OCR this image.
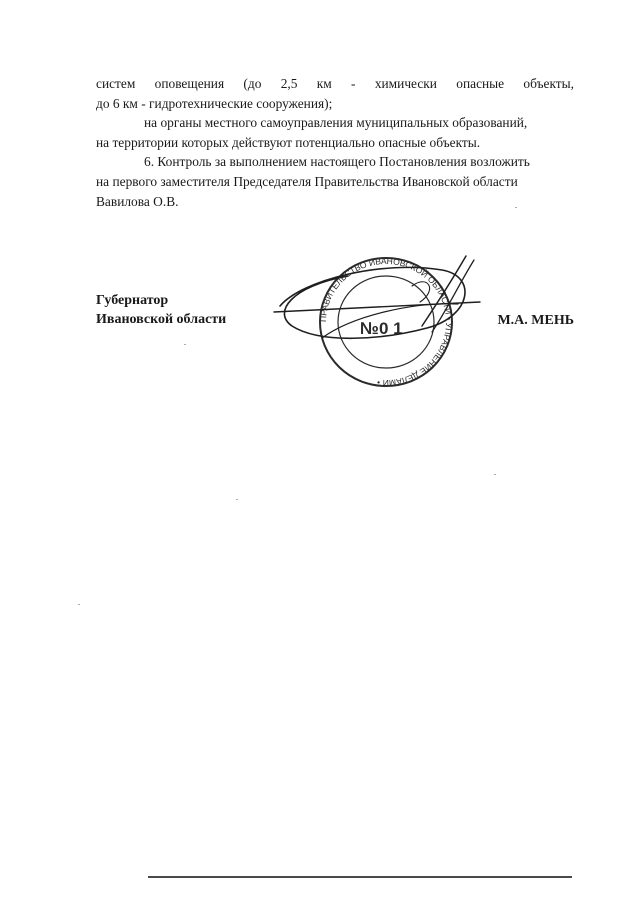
систем оповещения (до 2,5 км - химически опасные объекты,

до 6 км - гидротехнические сооружения);

на органы местного самоуправления муниципальных образований,

на территории которых действуют потенциально опасные объекты.

6. Контроль за выполнением настоящего Постановления возложить

на первого заместителя Председателя Правительства Ивановской области

Вавилова О.В.

ПРАВИТЕЛЬСТВО ИВАНОВСКОЙ ОБЛАСТИ • УПРАВЛЕНИЕ ДЕЛАМИ •
№0 1
Губернатор
Ивановской области	М.А. МЕНЬ
